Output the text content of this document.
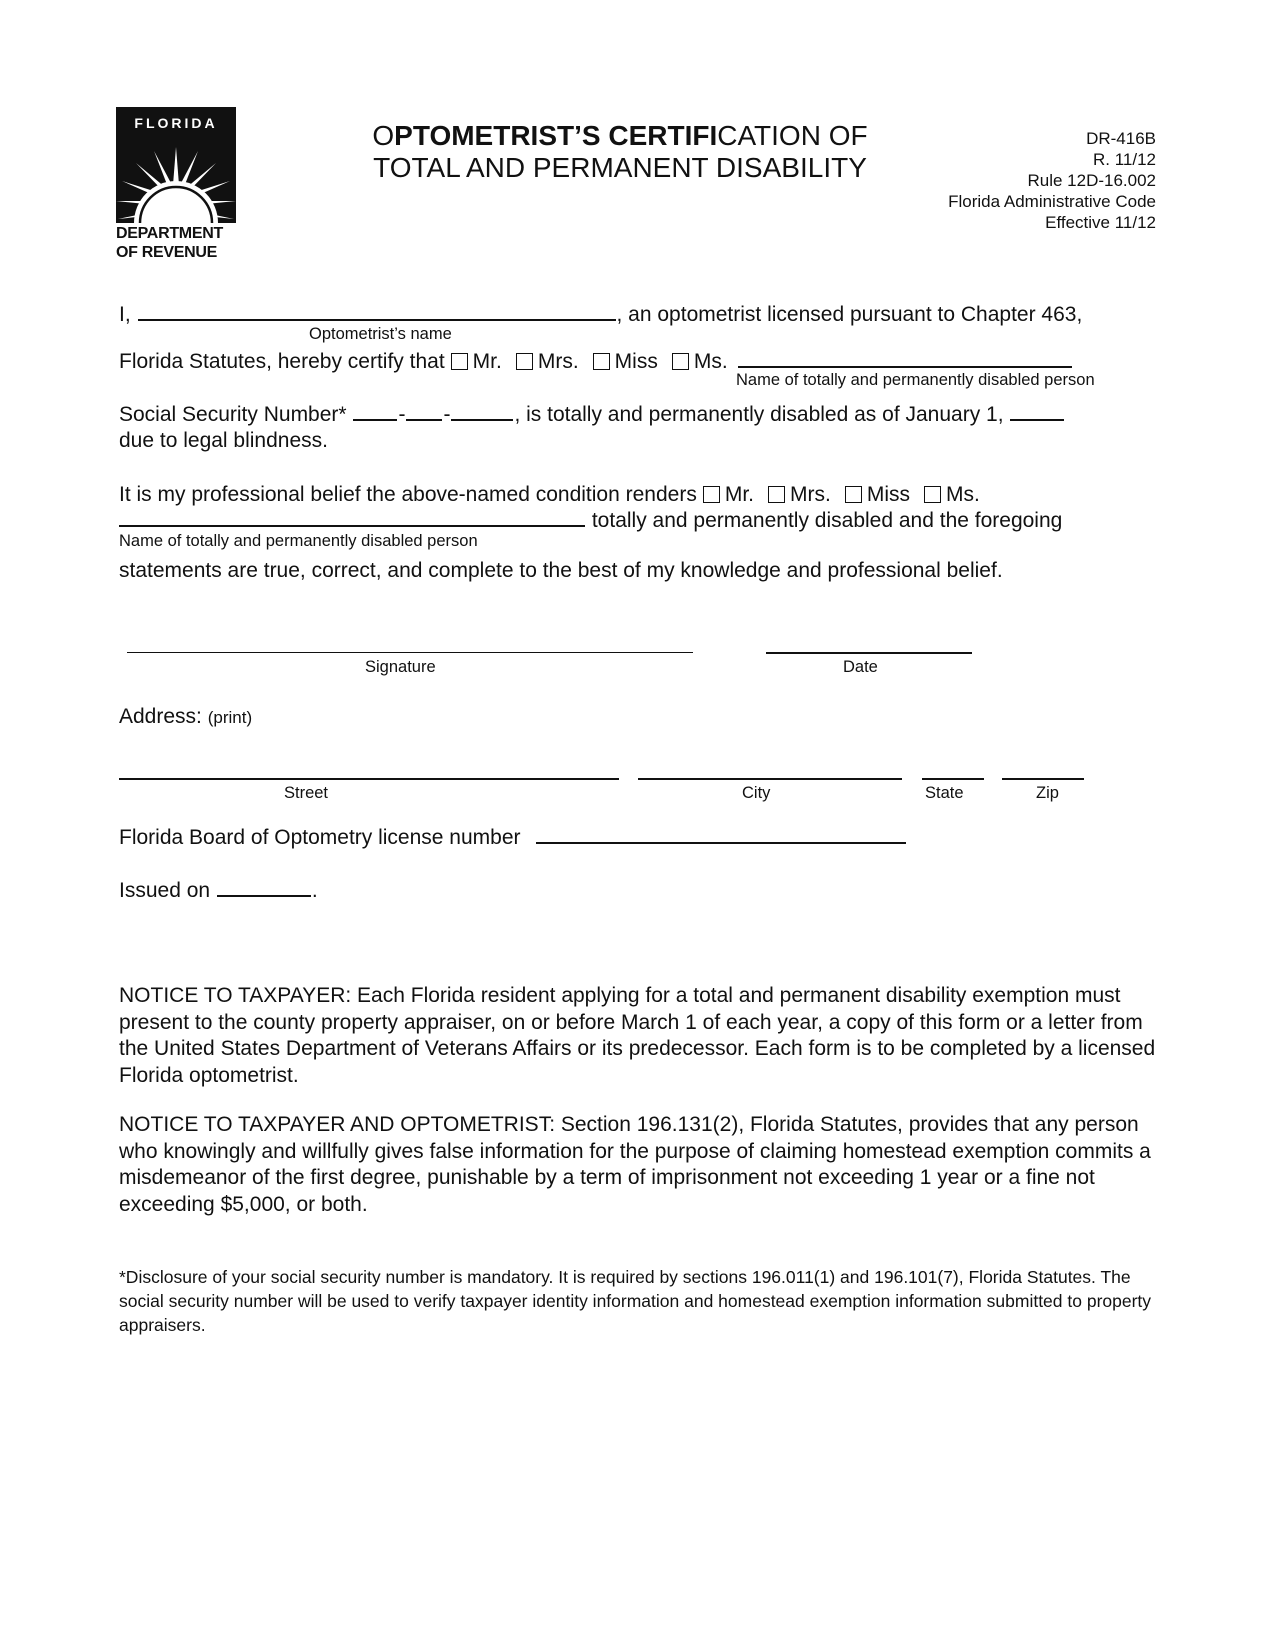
FLORIDA
DEPARTMENT
OF REVENUE
OPTOMETRIST’S CERTIFICATION OF
TOTAL AND PERMANENT DISABILITY
DR-416B
R. 11/12
Rule 12D-16.002
Florida Administrative Code
Effective 11/12
I,	, an optometrist licensed pursuant to Chapter 463,
Optometrist’s name
Florida Statutes, hereby certify that Mr. Mrs. Miss Ms.
Name of totally and permanently disabled person
Social Security Number* - -	, is totally and permanently disabled as of January 1,
due to legal blindness.
It is my professional belief the above-named condition renders Mr. Mrs. Miss Ms.
totally and permanently disabled and the foregoing
Name of totally and permanently disabled person
statements are true, correct, and complete to the best of my knowledge and professional belief.
Signature	Date
Address: (print)
Street	City	State	Zip
Florida Board of Optometry license number
Issued on	.
NOTICE TO TAXPAYER: Each Florida resident applying for a total and permanent disability exemption must present to the county property appraiser, on or before March 1 of each year, a copy of this form or a letter from the United States Department of Veterans Affairs or its predecessor. Each form is to be completed by a licensed Florida optometrist.
NOTICE TO TAXPAYER AND OPTOMETRIST: Section 196.131(2), Florida Statutes, provides that any person who knowingly and willfully gives false information for the purpose of claiming homestead exemption commits a misdemeanor of the first degree, punishable by a term of imprisonment not exceeding 1 year or a fine not exceeding $5,000, or both.
*Disclosure of your social security number is mandatory. It is required by sections 196.011(1) and 196.101(7), Florida Statutes. The social security number will be used to verify taxpayer identity information and homestead exemption information submitted to property appraisers.
